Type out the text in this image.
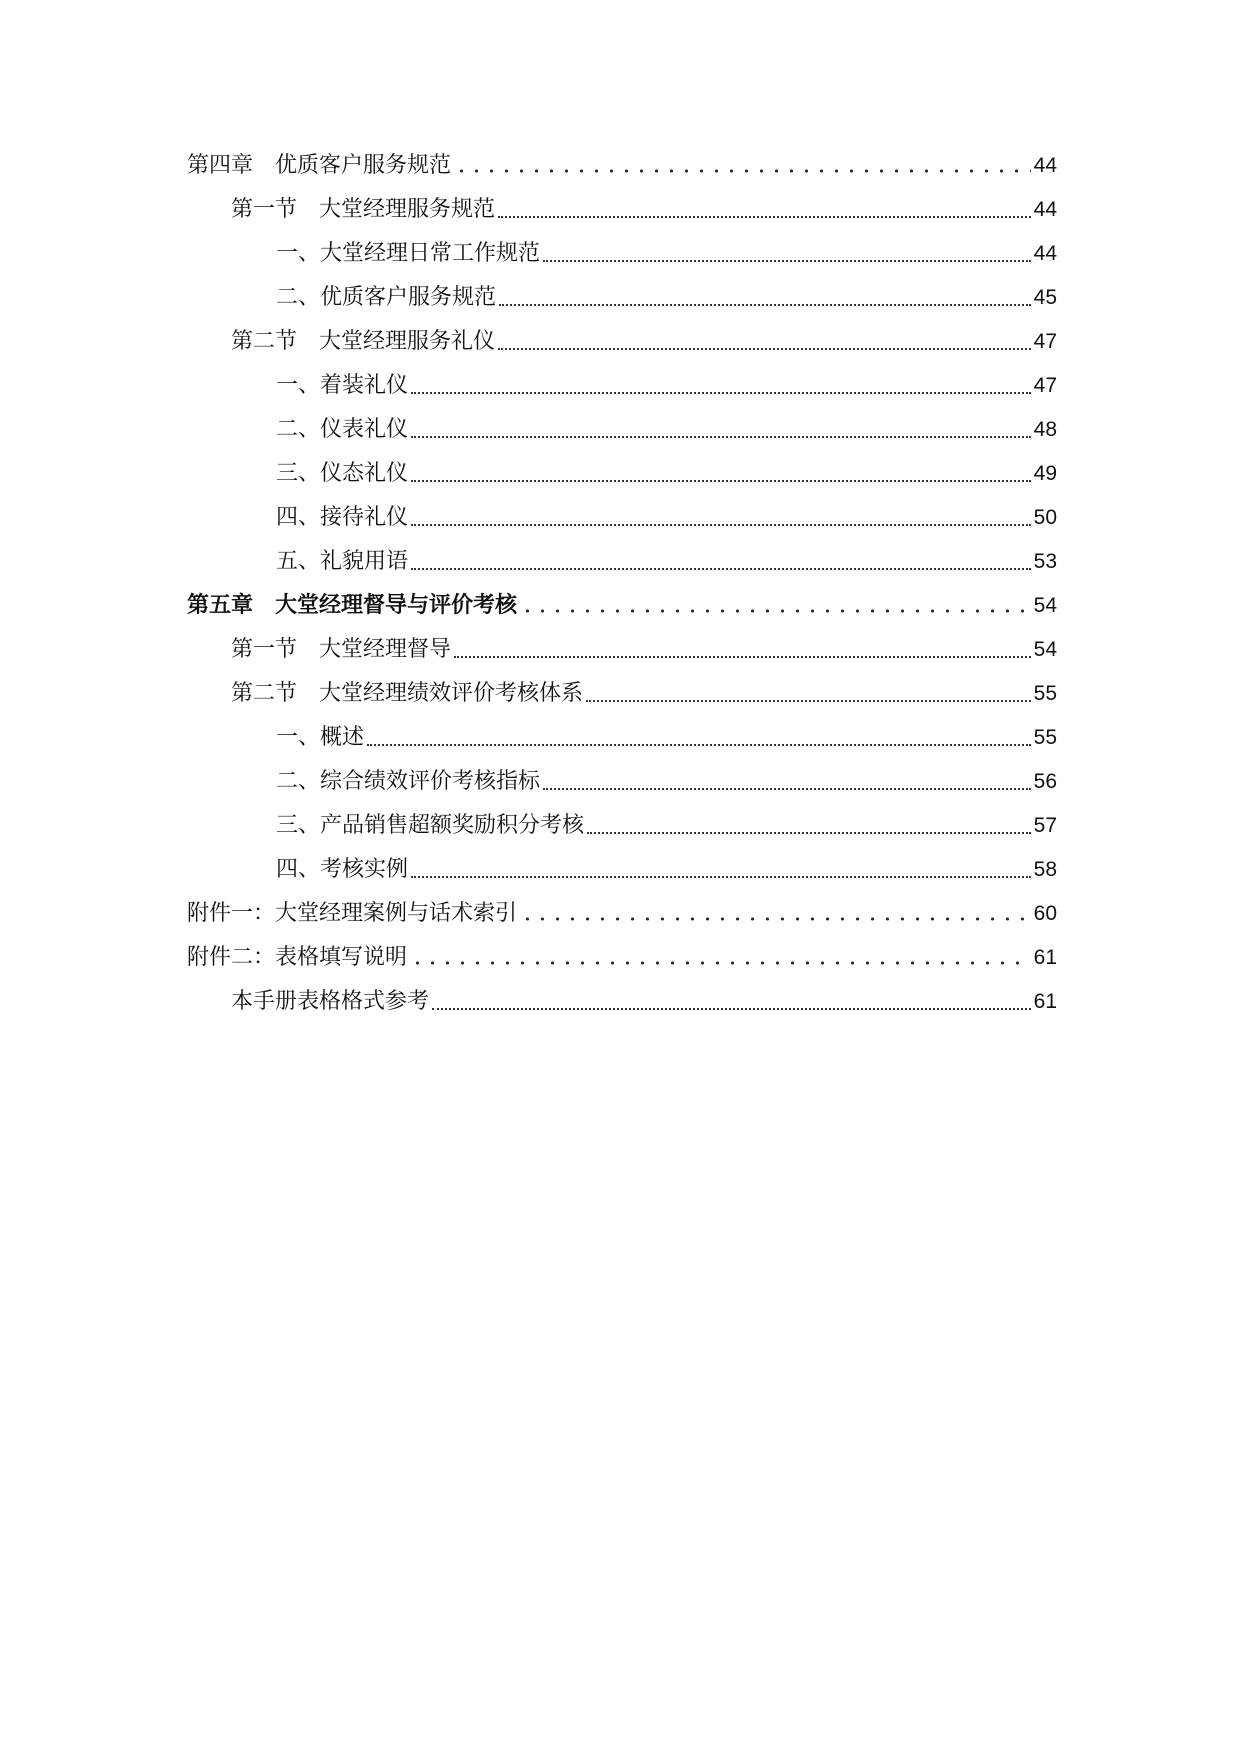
第四章　优质客户服务规范	44
第一节　大堂经理服务规范	44
一、大堂经理日常工作规范	44
二、优质客户服务规范	45
第二节　大堂经理服务礼仪	47
一、着装礼仪	47
二、仪表礼仪	48
三、仪态礼仪	49
四、接待礼仪	50
五、礼貌用语	53
第五章　大堂经理督导与评价考核	54
第一节　大堂经理督导	54
第二节　大堂经理绩效评价考核体系	55
一、概述	55
二、综合绩效评价考核指标	56
三、产品销售超额奖励积分考核	57
四、考核实例	58
附件一：大堂经理案例与话术索引	60
附件二：表格填写说明	61
本手册表格格式参考	61
